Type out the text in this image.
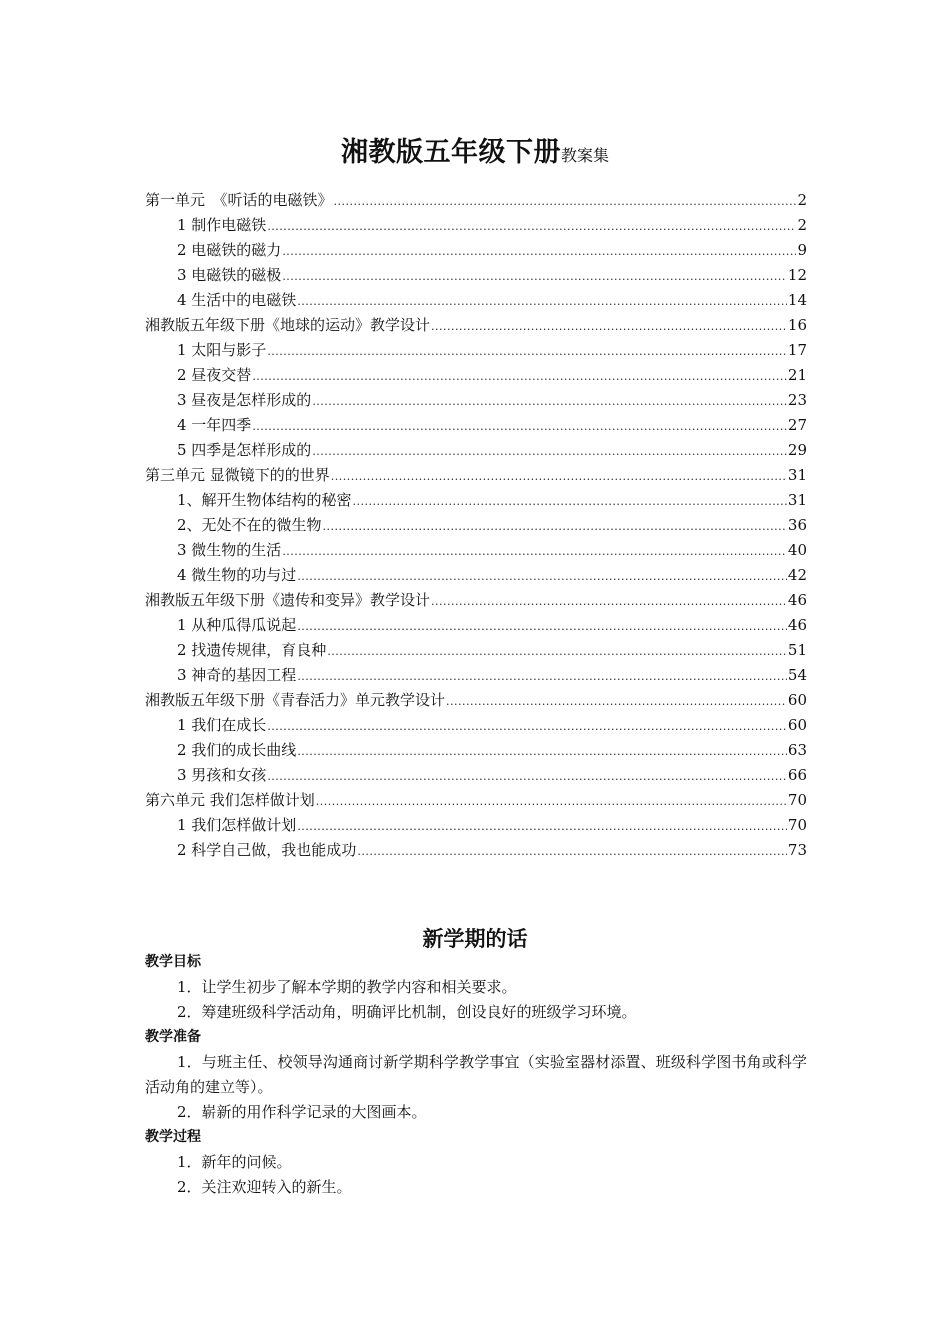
湘教版五年级下册教案集
第一单元　《听话的电磁铁》 .....	2
1 制作电磁铁 .....	2
2 电磁铁的磁力 .....	9
3 电磁铁的磁极 .....	12
4 生活中的电磁铁 .....	14
湘教版五年级下册《地球的运动》教学设计 .....	16
1 太阳与影子 .....	17
2 昼夜交替 .....	21
3 昼夜是怎样形成的 .....	23
4 一年四季 .....	27
5 四季是怎样形成的 .....	29
第三单元 显微镜下的的世界 .....	31
1、解开生物体结构的秘密 .....	31
2、无处不在的微生物 .....	36
3 微生物的生活 .....	40
4 微生物的功与过 .....	42
湘教版五年级下册《遗传和变异》教学设计 .....	46
1 从种瓜得瓜说起 .....	46
2 找遗传规律，育良种 .....	51
3 神奇的基因工程 .....	54
湘教版五年级下册《青春活力》单元教学设计 .....	60
1 我们在成长 .....	60
2 我们的成长曲线 .....	63
3 男孩和女孩 .....	66
第六单元 我们怎样做计划 .....	70
1 我们怎样做计划 .....	70
2 科学自己做，我也能成功 .....	73
新学期的话
教学目标
1．让学生初步了解本学期的教学内容和相关要求。
2．筹建班级科学活动角，明确评比机制，创设良好的班级学习环境。
教学准备
1．与班主任、校领导沟通商讨新学期科学教学事宜（实验室器材添置、班级科学图书角或科学活动角的建立等）。
2．崭新的用作科学记录的大图画本。
教学过程
1．新年的问候。
2．关注欢迎转入的新生。
